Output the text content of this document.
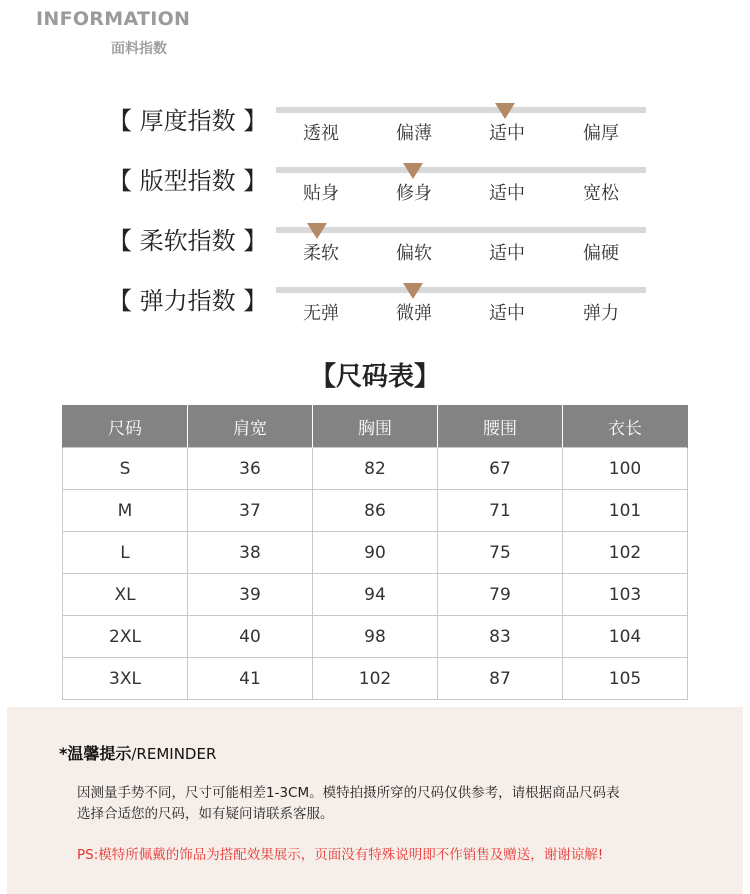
INFORMATION
面料指数
【 厚度指数 】	透视	偏薄	适中	偏厚
【 版型指数 】	贴身	修身	适中	宽松
【 柔软指数 】	柔软	偏软	适中	偏硬
【 弹力指数 】	无弹	微弹	适中	弹力
【尺码表】
尺码	肩宽	胸围	腰围	衣长
S	36	82	67	100
M	37	86	71	101
L	38	90	75	102
XL	39	94	79	103
2XL	40	98	83	104
3XL	41	102	87	105
*温馨提示/REMINDER
因测量手势不同，尺寸可能相差1-3CM。模特拍摄所穿的尺码仅供参考，请根据商品尺码表
选择合适您的尺码，如有疑问请联系客服。
PS:模特所佩戴的饰品为搭配效果展示，页面没有特殊说明即不作销售及赠送，谢谢谅解!
